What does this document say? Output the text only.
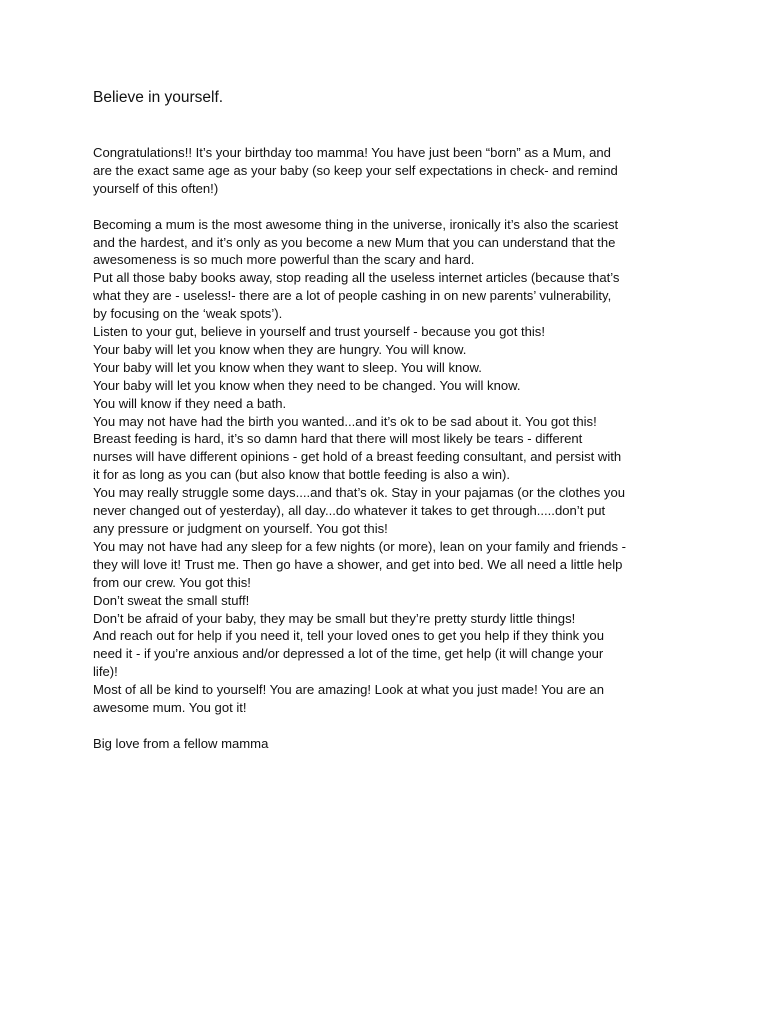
Believe in yourself.

Congratulations!! It’s your birthday too mamma! You have just been “born” as a Mum, and

are the exact same age as your baby (so keep your self expectations in check- and remind

yourself of this often!)

Becoming a mum is the most awesome thing in the universe, ironically it’s also the scariest

and the hardest, and it’s only as you become a new Mum that you can understand that the

awesomeness is so much more powerful than the scary and hard.

Put all those baby books away, stop reading all the useless internet articles (because that’s

what they are - useless!- there are a lot of people cashing in on new parents’ vulnerability,

by focusing on the ‘weak spots’).

Listen to your gut, believe in yourself and trust yourself - because you got this!

Your baby will let you know when they are hungry. You will know.

Your baby will let you know when they want to sleep. You will know.

Your baby will let you know when they need to be changed. You will know.

You will know if they need a bath.

You may not have had the birth you wanted...and it’s ok to be sad about it. You got this!

Breast feeding is hard, it’s so damn hard that there will most likely be tears - different

nurses will have different opinions - get hold of a breast feeding consultant, and persist with

it for as long as you can (but also know that bottle feeding is also a win).

You may really struggle some days....and that’s ok. Stay in your pajamas (or the clothes you

never changed out of yesterday), all day...do whatever it takes to get through.....don’t put

any pressure or judgment on yourself. You got this!

You may not have had any sleep for a few nights (or more), lean on your family and friends -

they will love it! Trust me. Then go have a shower, and get into bed. We all need a little help

from our crew. You got this!

Don’t sweat the small stuff!

Don’t be afraid of your baby, they may be small but they’re pretty sturdy little things!

And reach out for help if you need it, tell your loved ones to get you help if they think you

need it - if you’re anxious and/or depressed a lot of the time, get help (it will change your

life)!

Most of all be kind to yourself! You are amazing! Look at what you just made! You are an

awesome mum. You got it!

Big love from a fellow mamma
